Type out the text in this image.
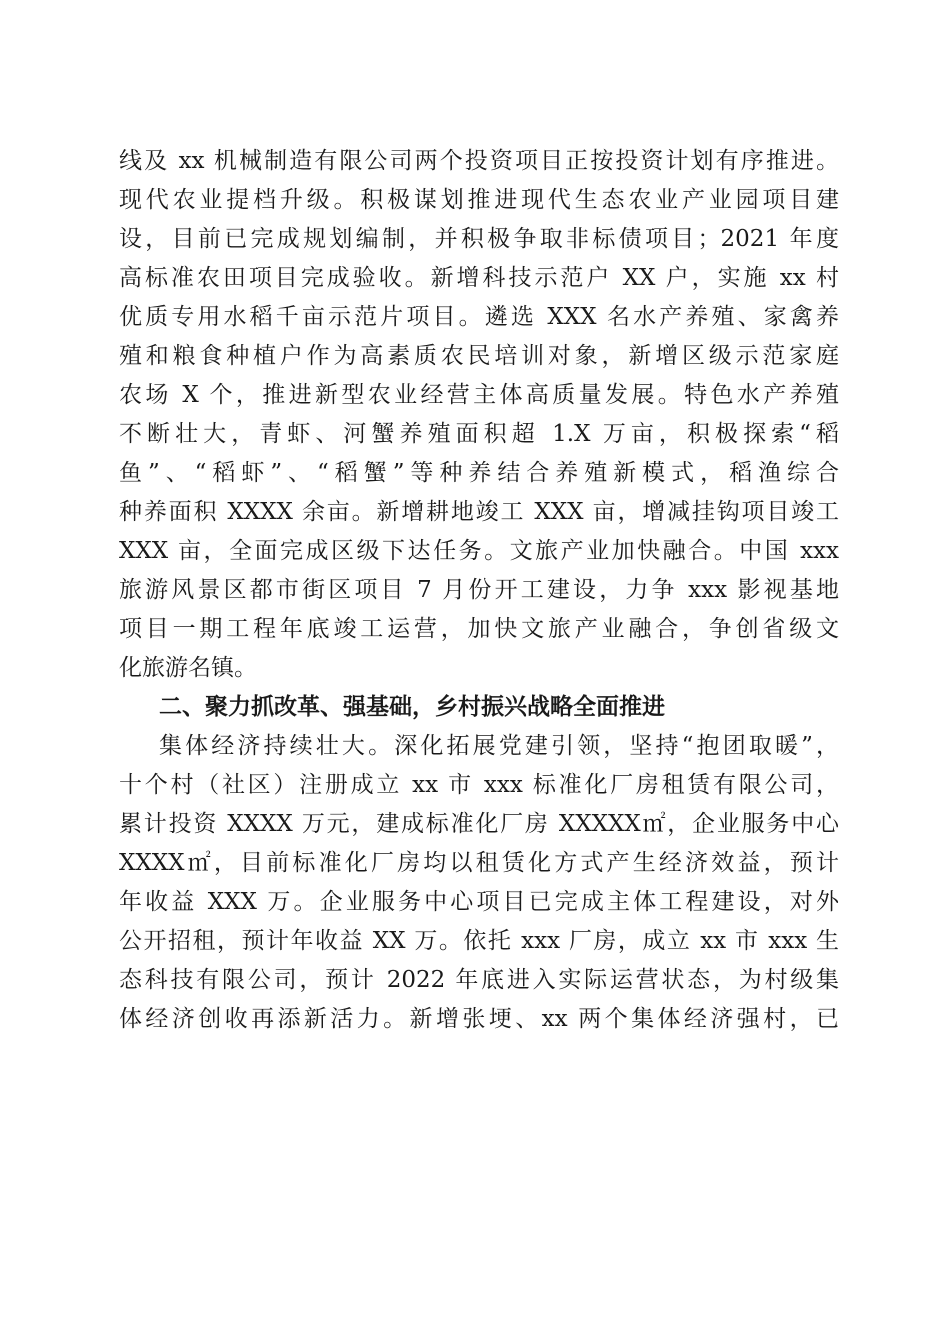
线及 xx 机械制造有限公司两个投资项目正按投资计划有序推进。
现代农业提档升级。积极谋划推进现代生态农业产业园项目建
设，目前已完成规划编制，并积极争取非标债项目；2021 年度
高标准农田项目完成验收。新增科技示范户 XX 户，实施 xx 村
优质专用水稻千亩示范片项目。遴选 XXX 名水产养殖、家禽养
殖和粮食种植户作为高素质农民培训对象，新增区级示范家庭
农场 X 个，推进新型农业经营主体高质量发展。特色水产养殖
不断壮大，青虾、河蟹养殖面积超 1.X 万亩，积极探索“稻
鱼”、“稻虾”、“稻蟹”等种养结合养殖新模式，稻渔综合
种养面积 XXXX 余亩。新增耕地竣工 XXX 亩，增减挂钩项目竣工
XXX 亩，全面完成区级下达任务。文旅产业加快融合。中国 xxx
旅游风景区都市街区项目 7 月份开工建设，力争 xxx 影视基地
项目一期工程年底竣工运营，加快文旅产业融合，争创省级文
化旅游名镇。
二、聚力抓改革、强基础，乡村振兴战略全面推进
集体经济持续壮大。深化拓展党建引领，坚持“抱团取暖”，
十个村（社区）注册成立 xx 市 xxx 标准化厂房租赁有限公司，
累计投资 XXXX 万元，建成标准化厂房 XXXXX㎡，企业服务中心
XXXX㎡，目前标准化厂房均以租赁化方式产生经济效益，预计
年收益 XXX 万。企业服务中心项目已完成主体工程建设，对外
公开招租，预计年收益 XX 万。依托 xxx 厂房，成立 xx 市 xxx 生
态科技有限公司，预计 2022 年底进入实际运营状态，为村级集
体经济创收再添新活力。新增张埂、xx 两个集体经济强村，已
